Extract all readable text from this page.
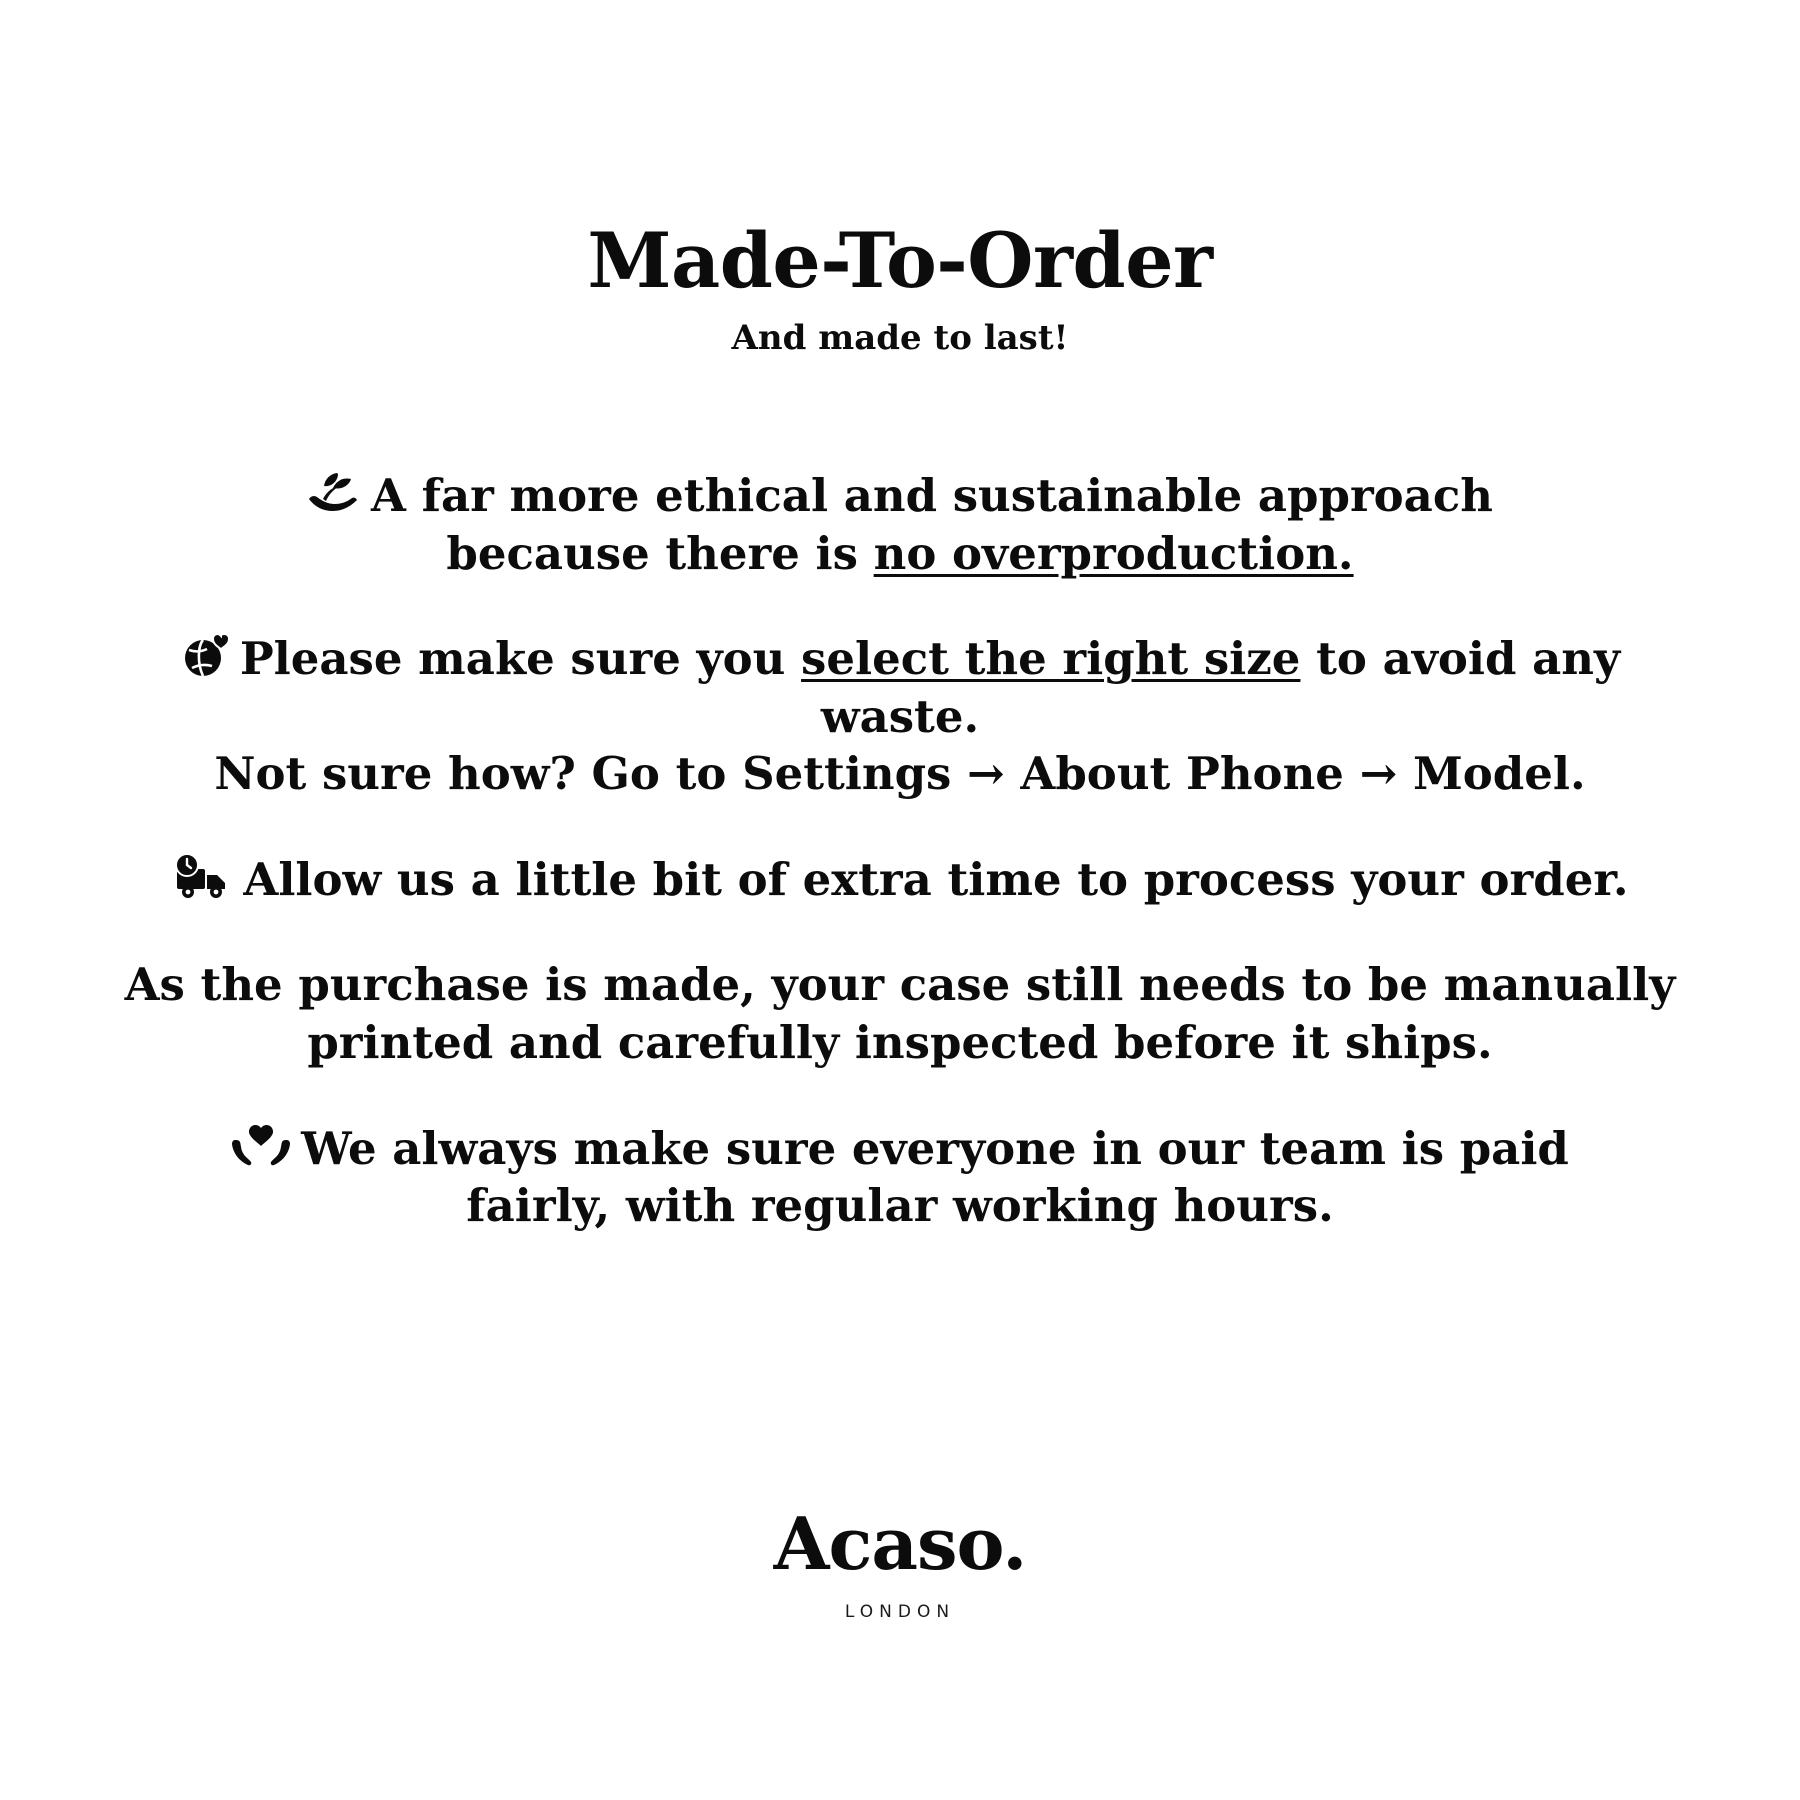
Made-To-Order
And made to last!
A far more ethical and sustainable approach
because there is no overproduction.
Please make sure you select the right size to avoid any waste.
Not sure how? Go to Settings → About Phone → Model.
Allow us a little bit of extra time to process your order.
As the purchase is made, your case still needs to be manually
printed and carefully inspected before it ships.
We always make sure everyone in our team is paid
fairly, with regular working hours.
Acaso.
LONDON
